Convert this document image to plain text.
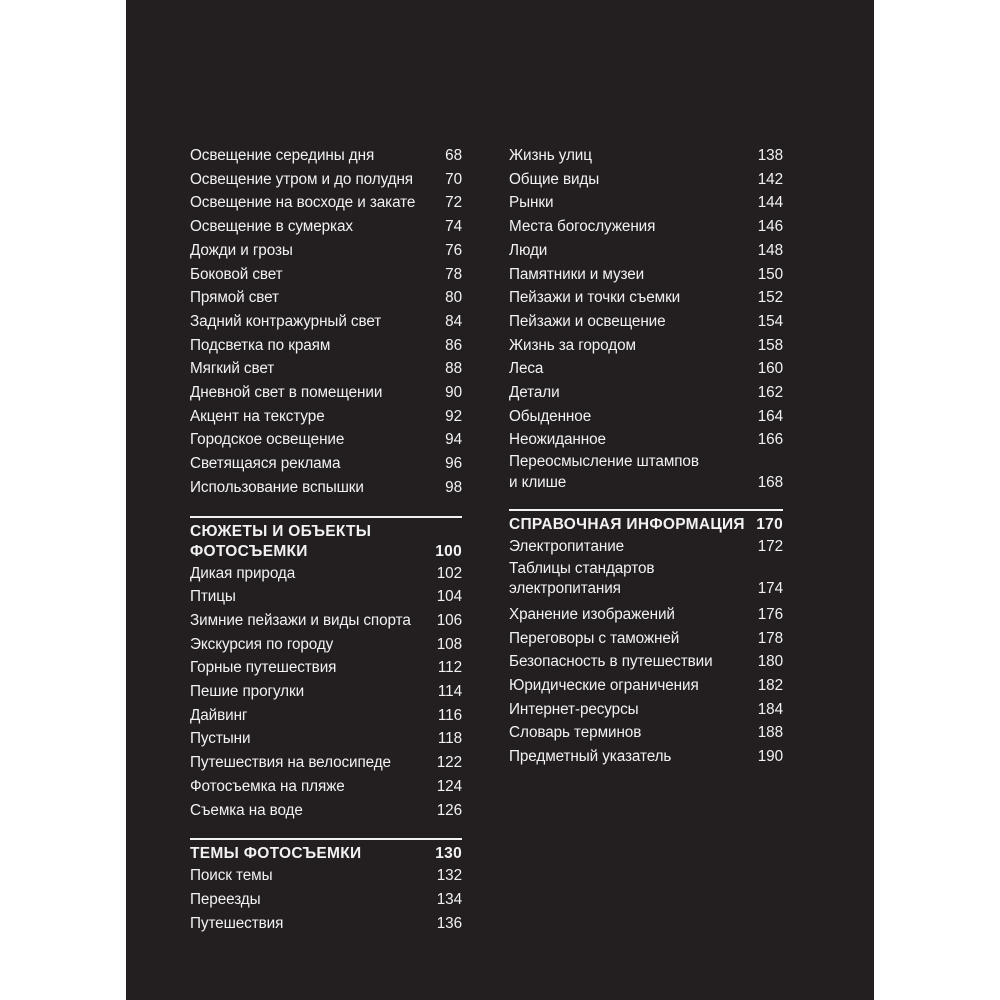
Освещение середины дня	68
Освещение утром и до полудня 70
Освещение на восходе и закате 72
Освещение в сумерках	74
Дожди и грозы	76
Боковой свет	78
Прямой свет	80
Задний контражурный свет	84
Подсветка по краям	86
Мягкий свет	88
Дневной свет в помещении	90
Акцент на текстуре	92
Городское освещение	94
Светящаяся реклама	96
Использование вспышки	98
СЮЖЕТЫ И ОБЪЕКТЫ
ФОТОСЪЕМКИ	100
Дикая природа	102
Птицы	104
Зимние пейзажи и виды спорта 106
Экскурсия по городу	108
Горные путешествия	112
Пешие прогулки	114
Дайвинг	116
Пустыни	118
Путешествия на велосипеде	122
Фотосъемка на пляже	124
Съемка на воде	126
ТЕМЫ ФОТОСЪЕМКИ	130
Поиск темы	132
Переезды	134
Путешествия	136
Жизнь улиц	138
Общие виды	142
Рынки	144
Места богослужения	146
Люди	148
Памятники и музеи	150
Пейзажи и точки съемки	152
Пейзажи и освещение	154
Жизнь за городом	158
Леса	160
Детали	162
Обыденное	164
Неожиданное	166
Переосмысление штампов
и клише	168
СПРАВОЧНАЯ ИНФОРМАЦИЯ 170
Электропитание	172
Таблицы стандартов
электропитания	174
Хранение изображений	176
Переговоры с таможней	178
Безопасность в путешествии	180
Юридические ограничения	182
Интернет-ресурсы	184
Словарь терминов	188
Предметный указатель	190
